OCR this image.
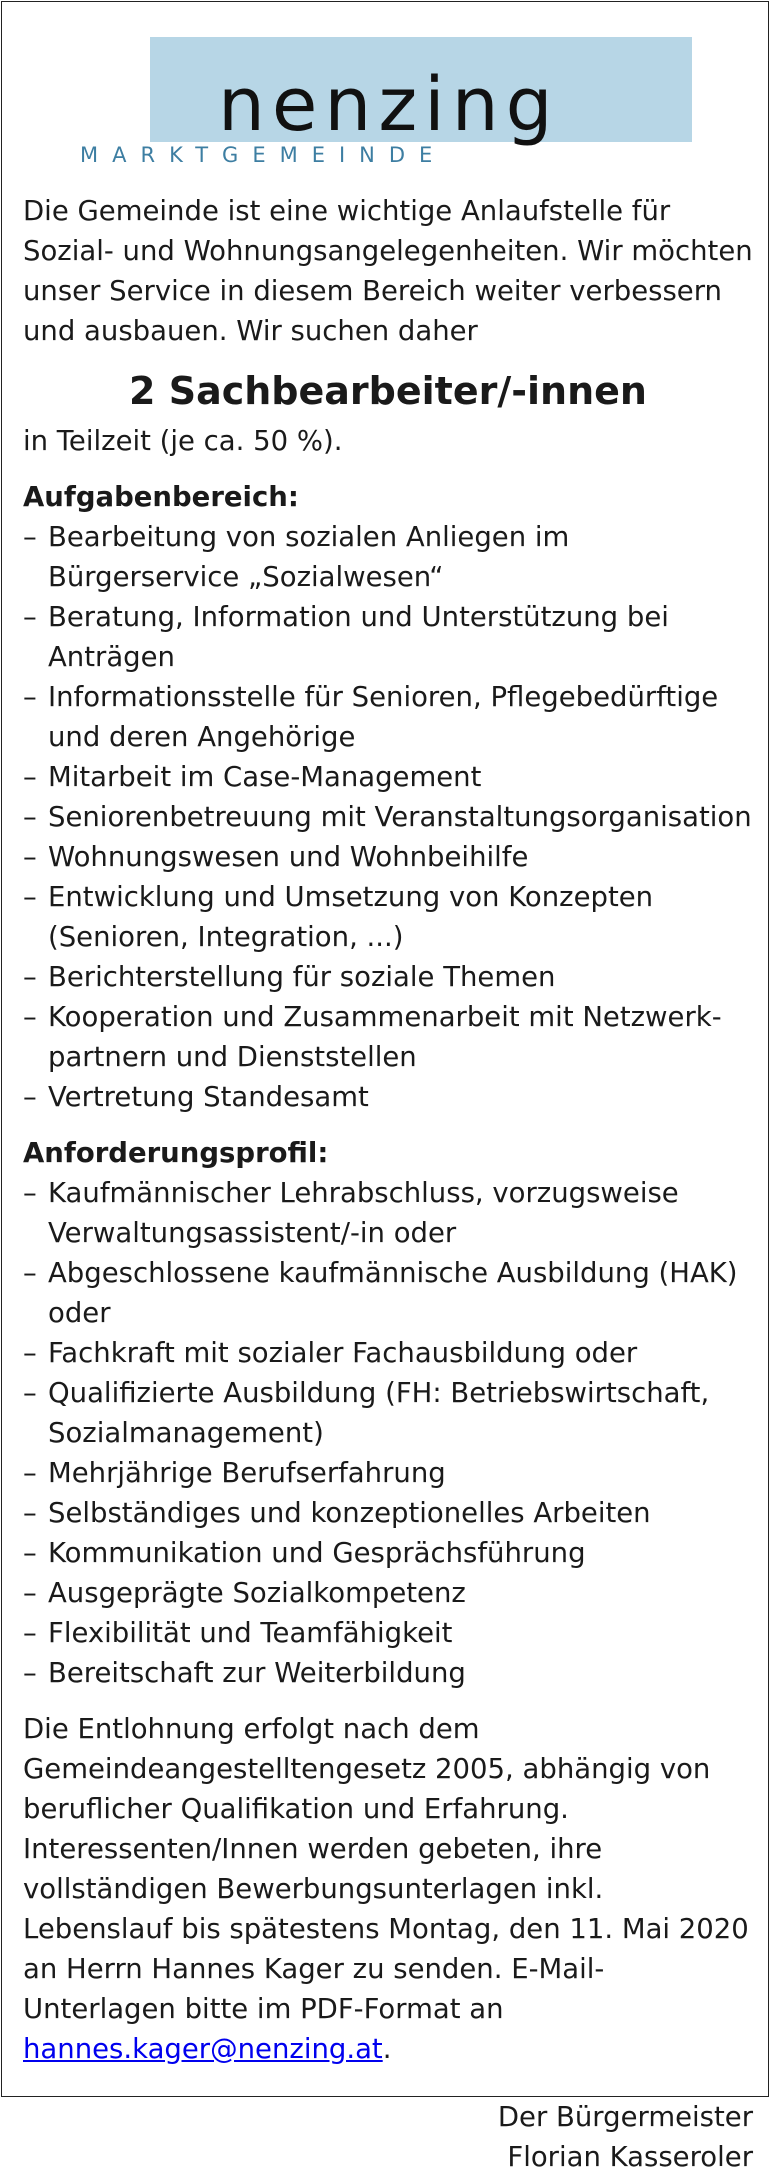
nenzing
MARKTGEMEINDE

Die Gemeinde ist eine wichtige Anlaufstelle für Sozial- und Wohnungsangelegenheiten. Wir möchten unser Service in diesem Bereich weiter verbessern und ausbauen. Wir suchen daher

2 Sachbearbeiter/-innen

in Teilzeit (je ca. 50 %).

Aufgabenbereich:
– Bearbeitung von sozialen Anliegen im Bürgerservice „Sozialwesen“
– Beratung, Information und Unterstützung bei Anträgen
– Informationsstelle für Senioren, Pflegebedürftige und deren Angehörige
– Mitarbeit im Case-Management
– Seniorenbetreuung mit Veranstaltungsorganisation
– Wohnungswesen und Wohnbeihilfe
– Entwicklung und Umsetzung von Konzepten (Senioren, Integration, ...)
– Berichterstellung für soziale Themen
– Kooperation und Zusammenarbeit mit Netzwerk-partnern und Dienststellen
– Vertretung Standesamt
Anforderungsprofil:
– Kaufmännischer Lehrabschluss, vorzugsweise Verwaltungsassistent/-in oder
– Abgeschlossene kaufmännische Ausbildung (HAK) oder
– Fachkraft mit sozialer Fachausbildung oder
– Qualifizierte Ausbildung (FH: Betriebswirtschaft, Sozialmanagement)
– Mehrjährige Berufserfahrung
– Selbständiges und konzeptionelles Arbeiten
– Kommunikation und Gesprächsführung
– Ausgeprägte Sozialkompetenz
– Flexibilität und Teamfähigkeit
– Bereitschaft zur Weiterbildung

Die Entlohnung erfolgt nach dem Gemeindeangestelltengesetz 2005, abhängig von beruflicher Qualifikation und Erfahrung. Interessenten/Innen werden gebeten, ihre vollständigen Bewerbungsunterlagen inkl. Lebenslauf bis spätestens Montag, den 11. Mai 2020 an Herrn Hannes Kager zu senden. E-Mail-Unterlagen bitte im PDF-Format an hannes.kager@nenzing.at.

Der Bürgermeister
Florian Kasseroler
